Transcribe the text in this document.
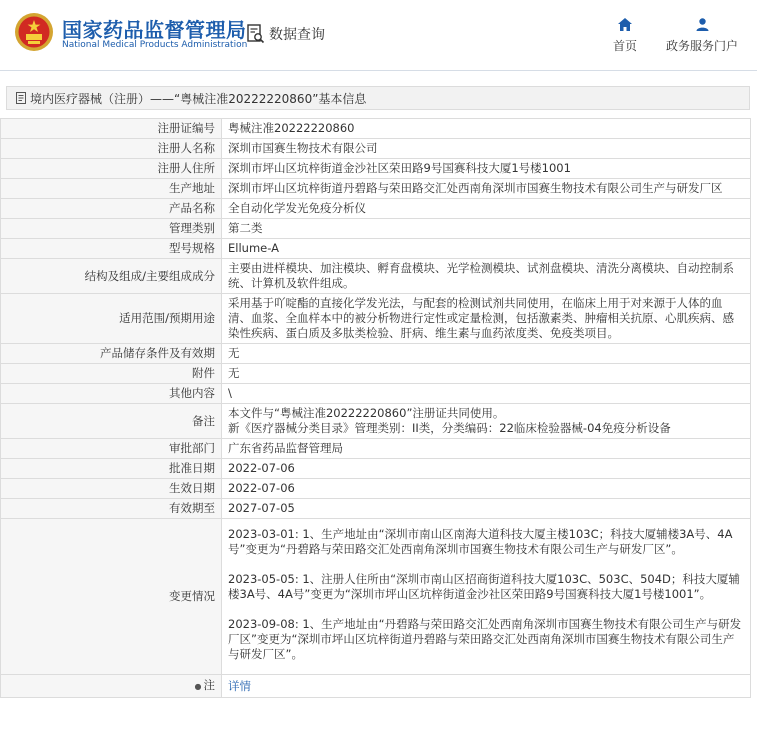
国家药品监督管理局
National Medical Products Administration
数据查询
首页	政务服务门户
境内医疗器械（注册）——“粤械注准20222220860”基本信息
注册证编号	粤械注准20222220860
注册人名称	深圳市国赛生物技术有限公司
注册人住所	深圳市坪山区坑梓街道金沙社区荣田路9号国赛科技大厦1号楼1001
生产地址	深圳市坪山区坑梓街道丹碧路与荣田路交汇处西南角深圳市国赛生物技术有限公司生产与研发厂区
产品名称	全自动化学发光免疫分析仪
管理类别	第二类
型号规格	Ellume-A
结构及组成/主要组成成分	主要由进样模块、加注模块、孵育盘模块、光学检测模块、试剂盘模块、清洗分离模块、自动控制系统、计算机及软件组成。
适用范围/预期用途	采用基于吖啶酯的直接化学发光法，与配套的检测试剂共同使用，在临床上用于对来源于人体的血清、血浆、全血样本中的被分析物进行定性或定量检测，包括激素类、肿瘤相关抗原、心肌疾病、感染性疾病、蛋白质及多肽类检验、肝病、维生素与血药浓度类、免疫类项目。
产品储存条件及有效期	无
附件	无
其他内容	\
备注	本文件与“粤械注准20222220860”注册证共同使用。
新《医疗器械分类目录》管理类别：II类，分类编码：22临床检验器械-04免疫分析设备

审批部门	广东省药品监督管理局
批准日期	2022-07-06
生效日期	2022-07-06
有效期至	2027-07-05
变更情况	2023-03-01: 1、生产地址由“深圳市南山区南海大道科技大厦主楼103C；科技大厦辅楼3A号、4A号”变更为“丹碧路与荣田路交汇处西南角深圳市国赛生物技术有限公司生产与研发厂区”。

2023-05-05: 1、注册人住所由“深圳市南山区招商街道科技大厦103C、503C、504D；科技大厦辅楼3A号、4A号”变更为“深圳市坪山区坑梓街道金沙社区荣田路9号国赛科技大厦1号楼1001”。

2023-09-08: 1、生产地址由“丹碧路与荣田路交汇处西南角深圳市国赛生物技术有限公司生产与研发厂区”变更为“深圳市坪山区坑梓街道丹碧路与荣田路交汇处西南角深圳市国赛生物技术有限公司生产与研发厂区”。

● 注	详情
